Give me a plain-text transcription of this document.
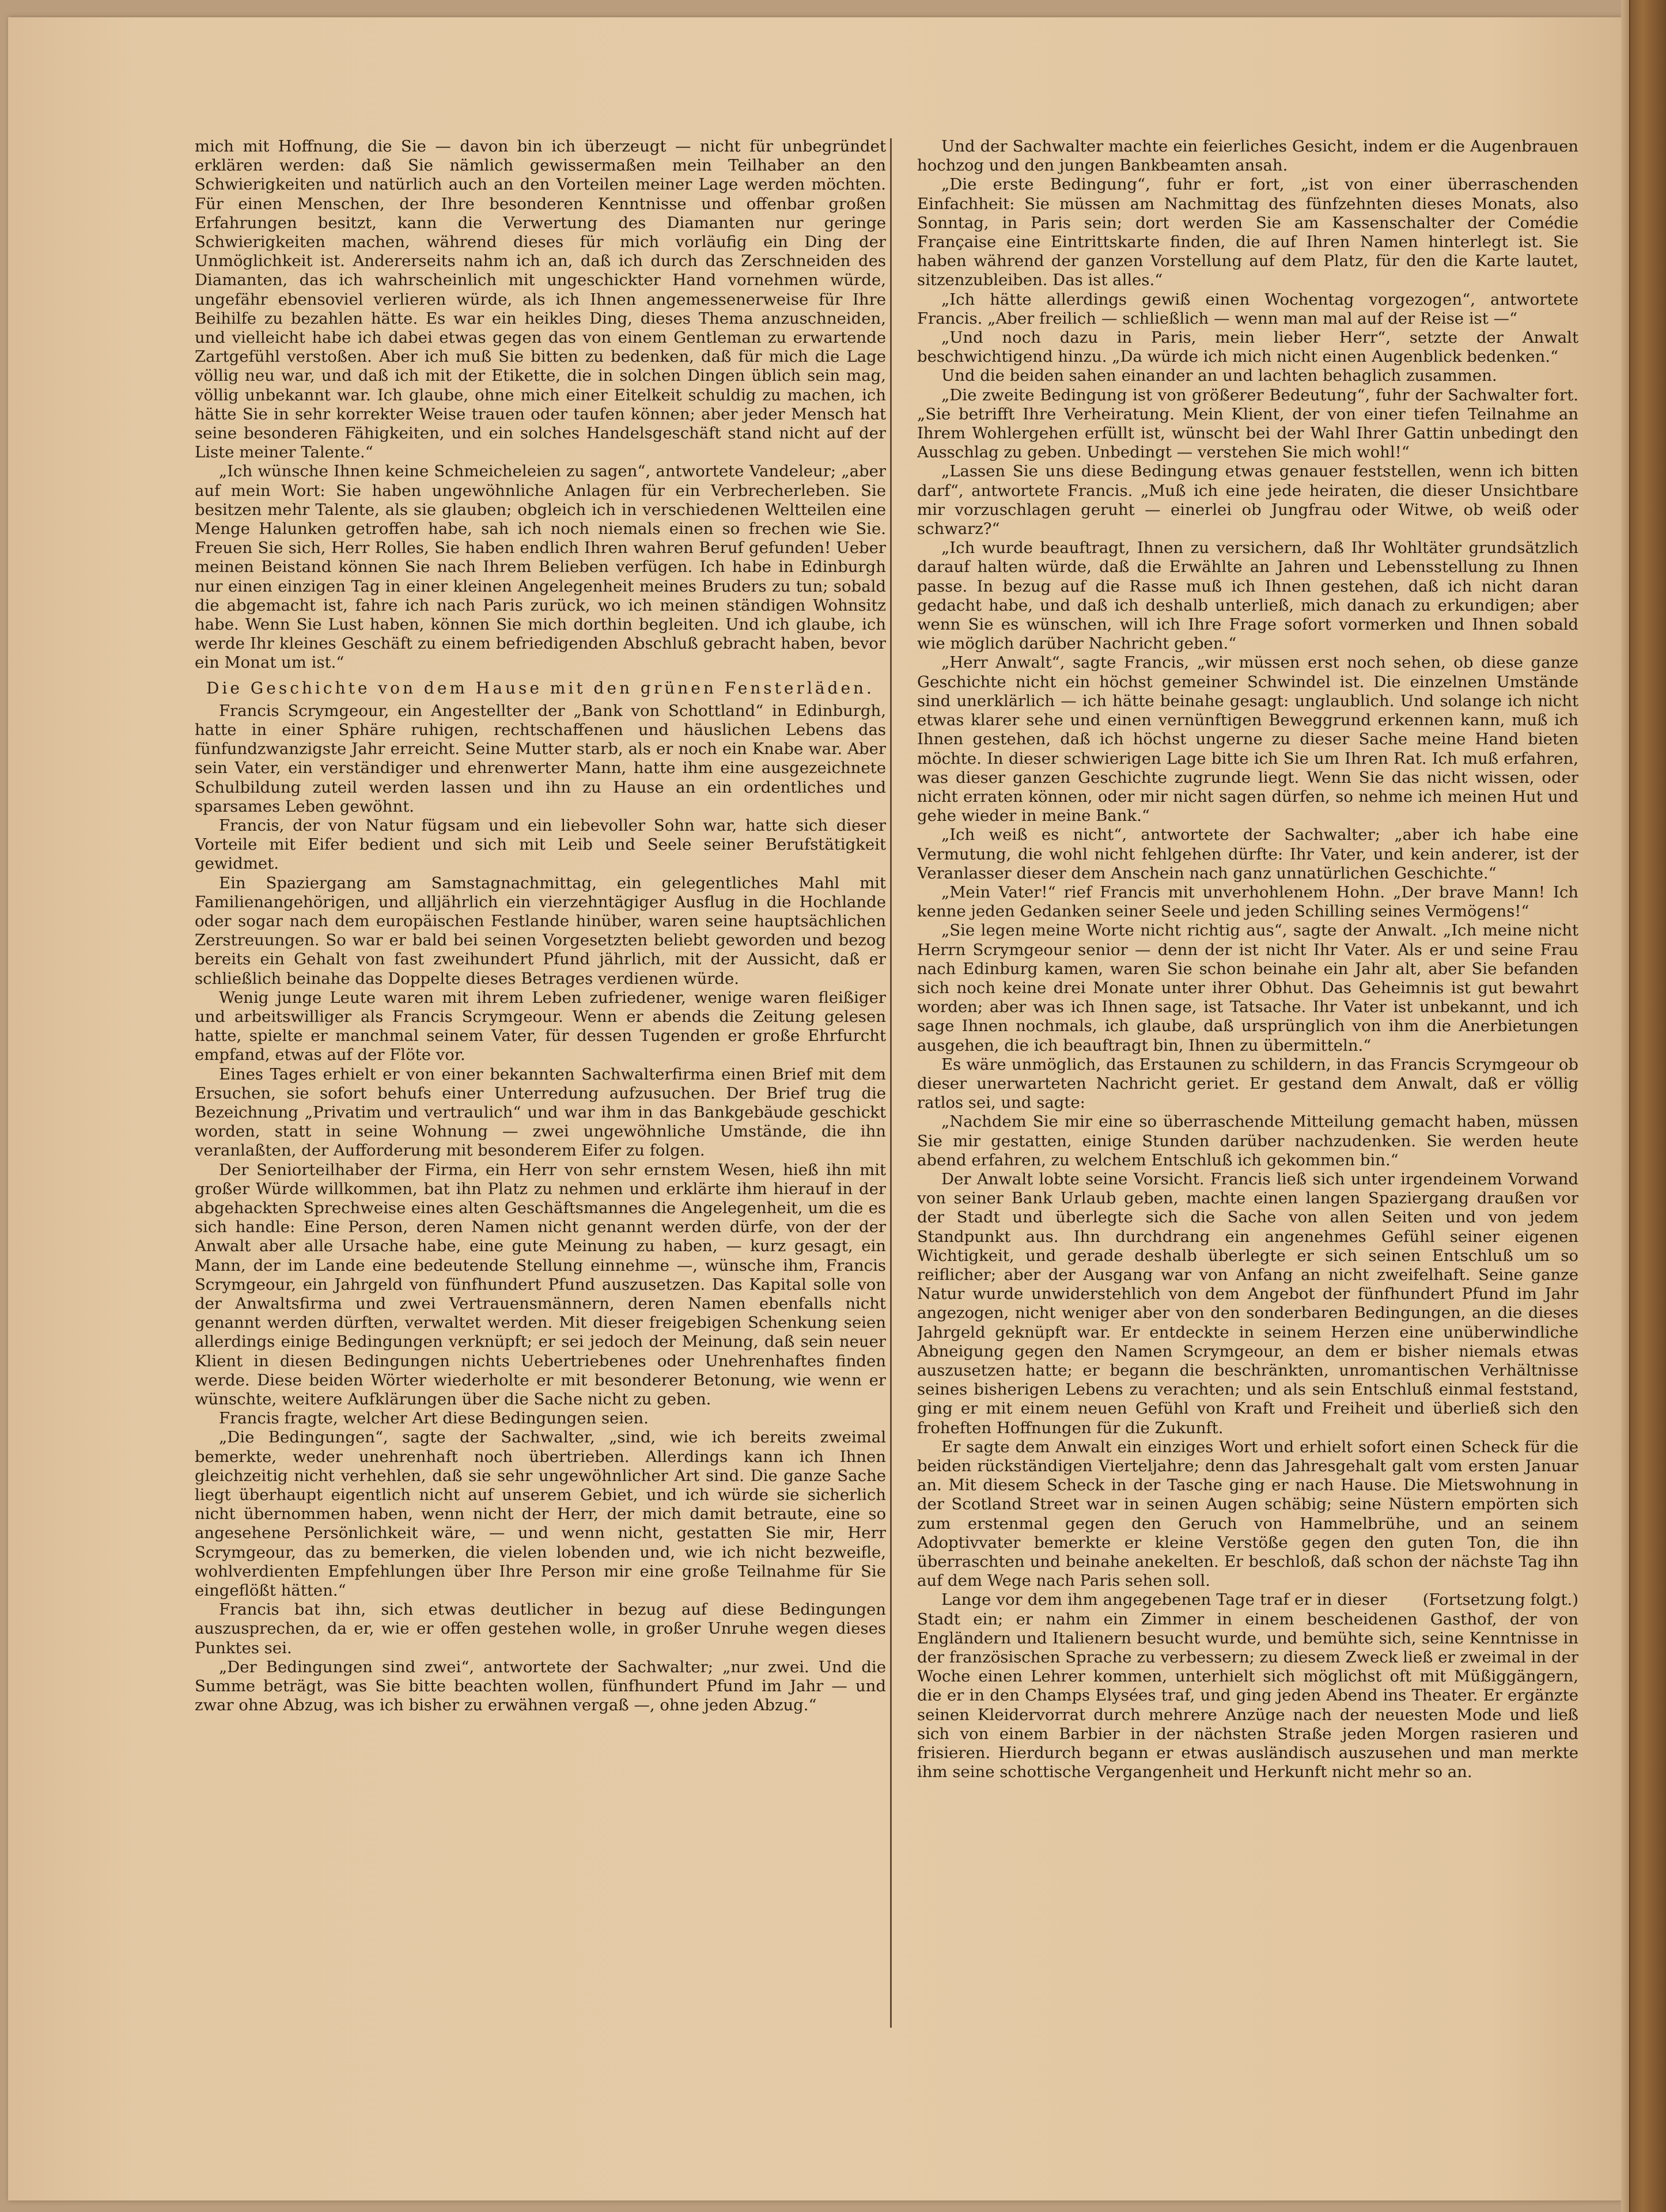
mich mit Hoffnung, die Sie — davon bin ich überzeugt — nicht für unbegründet erklären werden: daß Sie nämlich gewissermaßen mein Teilhaber an den Schwierigkeiten und natürlich auch an den Vorteilen meiner Lage werden möchten. Für einen Menschen, der Ihre besonderen Kenntnisse und offenbar großen Erfahrungen besitzt, kann die Verwertung des Diamanten nur geringe Schwierigkeiten machen, während dieses für mich vorläufig ein Ding der Unmöglichkeit ist. Andererseits nahm ich an, daß ich durch das Zerschneiden des Diamanten, das ich wahrscheinlich mit ungeschickter Hand vornehmen würde, ungefähr ebensoviel verlieren würde, als ich Ihnen angemessenerweise für Ihre Beihilfe zu bezahlen hätte. Es war ein heikles Ding, dieses Thema anzuschneiden, und vielleicht habe ich dabei etwas gegen das von einem Gentleman zu erwartende Zartgefühl verstoßen. Aber ich muß Sie bitten zu bedenken, daß für mich die Lage völlig neu war, und daß ich mit der Etikette, die in solchen Dingen üblich sein mag, völlig unbekannt war. Ich glaube, ohne mich einer Eitelkeit schuldig zu machen, ich hätte Sie in sehr korrekter Weise trauen oder taufen können; aber jeder Mensch hat seine besonderen Fähigkeiten, und ein solches Handelsgeschäft stand nicht auf der Liste meiner Talente.“

„Ich wünsche Ihnen keine Schmeicheleien zu sagen“, antwortete Vandeleur; „aber auf mein Wort: Sie haben ungewöhnliche Anlagen für ein Verbrecherleben. Sie besitzen mehr Talente, als sie glauben; obgleich ich in verschiedenen Weltteilen eine Menge Halunken getroffen habe, sah ich noch niemals einen so frechen wie Sie. Freuen Sie sich, Herr Rolles, Sie haben endlich Ihren wahren Beruf gefunden! Ueber meinen Beistand können Sie nach Ihrem Belieben verfügen. Ich habe in Edinburgh nur einen einzigen Tag in einer kleinen Angelegenheit meines Bruders zu tun; sobald die abgemacht ist, fahre ich nach Paris zurück, wo ich meinen ständigen Wohnsitz habe. Wenn Sie Lust haben, können Sie mich dorthin begleiten. Und ich glaube, ich werde Ihr kleines Geschäft zu einem befriedigenden Abschluß gebracht haben, bevor ein Monat um ist.“

Die Geschichte von dem Hause mit den grünen Fensterläden.

Francis Scrymgeour, ein Angestellter der „Bank von Schottland“ in Edinburgh, hatte in einer Sphäre ruhigen, rechtschaffenen und häuslichen Lebens das fünfundzwanzigste Jahr erreicht. Seine Mutter starb, als er noch ein Knabe war. Aber sein Vater, ein verständiger und ehrenwerter Mann, hatte ihm eine ausgezeichnete Schulbildung zuteil werden lassen und ihn zu Hause an ein ordentliches und sparsames Leben gewöhnt.

Francis, der von Natur fügsam und ein liebevoller Sohn war, hatte sich dieser Vorteile mit Eifer bedient und sich mit Leib und Seele seiner Berufstätigkeit gewidmet.

Ein Spaziergang am Samstagnachmittag, ein gelegentliches Mahl mit Familienangehörigen, und alljährlich ein vierzehntägiger Ausflug in die Hochlande oder sogar nach dem europäischen Festlande hinüber, waren seine hauptsächlichen Zerstreuungen. So war er bald bei seinen Vorgesetzten beliebt geworden und bezog bereits ein Gehalt von fast zweihundert Pfund jährlich, mit der Aussicht, daß er schließlich beinahe das Doppelte dieses Betrages verdienen würde.

Wenig junge Leute waren mit ihrem Leben zufriedener, wenige waren fleißiger und arbeitswilliger als Francis Scrymgeour. Wenn er abends die Zeitung gelesen hatte, spielte er manchmal seinem Vater, für dessen Tugenden er große Ehrfurcht empfand, etwas auf der Flöte vor.

Eines Tages erhielt er von einer bekannten Sachwalterfirma einen Brief mit dem Ersuchen, sie sofort behufs einer Unterredung aufzusuchen. Der Brief trug die Bezeichnung „Privatim und vertraulich“ und war ihm in das Bankgebäude geschickt worden, statt in seine Wohnung — zwei ungewöhnliche Umstände, die ihn veranlaßten, der Aufforderung mit besonderem Eifer zu folgen.

Der Seniorteilhaber der Firma, ein Herr von sehr ernstem Wesen, hieß ihn mit großer Würde willkommen, bat ihn Platz zu nehmen und erklärte ihm hierauf in der abgehackten Sprechweise eines alten Geschäftsmannes die Angelegenheit, um die es sich handle: Eine Person, deren Namen nicht genannt werden dürfe, von der der Anwalt aber alle Ursache habe, eine gute Meinung zu haben, — kurz gesagt, ein Mann, der im Lande eine bedeutende Stellung einnehme —, wünsche ihm, Francis Scrymgeour, ein Jahrgeld von fünfhundert Pfund auszusetzen. Das Kapital solle von der Anwaltsfirma und zwei Vertrauensmännern, deren Namen ebenfalls nicht genannt werden dürften, verwaltet werden. Mit dieser freigebigen Schenkung seien allerdings einige Bedingungen verknüpft; er sei jedoch der Meinung, daß sein neuer Klient in diesen Bedingungen nichts Uebertriebenes oder Unehrenhaftes finden werde. Diese beiden Wörter wiederholte er mit besonderer Betonung, wie wenn er wünschte, weitere Aufklärungen über die Sache nicht zu geben.

Francis fragte, welcher Art diese Bedingungen seien.

„Die Bedingungen“, sagte der Sachwalter, „sind, wie ich bereits zweimal bemerkte, weder unehrenhaft noch übertrieben. Allerdings kann ich Ihnen gleichzeitig nicht verhehlen, daß sie sehr ungewöhnlicher Art sind. Die ganze Sache liegt überhaupt eigentlich nicht auf unserem Gebiet, und ich würde sie sicherlich nicht übernommen haben, wenn nicht der Herr, der mich damit betraute, eine so angesehene Persönlichkeit wäre, — und wenn nicht, gestatten Sie mir, Herr Scrymgeour, das zu bemerken, die vielen lobenden und, wie ich nicht bezweifle, wohlverdienten Empfehlungen über Ihre Person mir eine große Teilnahme für Sie eingeflößt hätten.“

Francis bat ihn, sich etwas deutlicher in bezug auf diese Bedingungen auszusprechen, da er, wie er offen gestehen wolle, in großer Unruhe wegen dieses Punktes sei.

„Der Bedingungen sind zwei“, antwortete der Sachwalter; „nur zwei. Und die Summe beträgt, was Sie bitte beachten wollen, fünfhundert Pfund im Jahr — und zwar ohne Abzug, was ich bisher zu erwähnen vergaß —, ohne jeden Abzug.“

Und der Sachwalter machte ein feierliches Gesicht, indem er die Augenbrauen hochzog und den jungen Bankbeamten ansah.

„Die erste Bedingung“, fuhr er fort, „ist von einer überraschenden Einfachheit: Sie müssen am Nachmittag des fünfzehnten dieses Monats, also Sonntag, in Paris sein; dort werden Sie am Kassenschalter der Comédie Française eine Eintrittskarte finden, die auf Ihren Namen hinterlegt ist. Sie haben während der ganzen Vorstellung auf dem Platz, für den die Karte lautet, sitzenzubleiben. Das ist alles.“

„Ich hätte allerdings gewiß einen Wochentag vorgezogen“, antwortete Francis. „Aber freilich — schließlich — wenn man mal auf der Reise ist —“

„Und noch dazu in Paris, mein lieber Herr“, setzte der Anwalt beschwichtigend hinzu. „Da würde ich mich nicht einen Augenblick bedenken.“

Und die beiden sahen einander an und lachten behaglich zusammen.

„Die zweite Bedingung ist von größerer Bedeutung“, fuhr der Sachwalter fort. „Sie betrifft Ihre Verheiratung. Mein Klient, der von einer tiefen Teilnahme an Ihrem Wohlergehen erfüllt ist, wünscht bei der Wahl Ihrer Gattin unbedingt den Ausschlag zu geben. Unbedingt — verstehen Sie mich wohl!“

„Lassen Sie uns diese Bedingung etwas genauer feststellen, wenn ich bitten darf“, antwortete Francis. „Muß ich eine jede heiraten, die dieser Unsichtbare mir vorzuschlagen geruht — einerlei ob Jungfrau oder Witwe, ob weiß oder schwarz?“

„Ich wurde beauftragt, Ihnen zu versichern, daß Ihr Wohltäter grundsätzlich darauf halten würde, daß die Erwählte an Jahren und Lebensstellung zu Ihnen passe. In bezug auf die Rasse muß ich Ihnen gestehen, daß ich nicht daran gedacht habe, und daß ich deshalb unterließ, mich danach zu erkundigen; aber wenn Sie es wünschen, will ich Ihre Frage sofort vormerken und Ihnen sobald wie möglich darüber Nachricht geben.“

„Herr Anwalt“, sagte Francis, „wir müssen erst noch sehen, ob diese ganze Geschichte nicht ein höchst gemeiner Schwindel ist. Die einzelnen Umstände sind unerklärlich — ich hätte beinahe gesagt: unglaublich. Und solange ich nicht etwas klarer sehe und einen vernünftigen Beweggrund erkennen kann, muß ich Ihnen gestehen, daß ich höchst ungerne zu dieser Sache meine Hand bieten möchte. In dieser schwierigen Lage bitte ich Sie um Ihren Rat. Ich muß erfahren, was dieser ganzen Geschichte zugrunde liegt. Wenn Sie das nicht wissen, oder nicht erraten können, oder mir nicht sagen dürfen, so nehme ich meinen Hut und gehe wieder in meine Bank.“

„Ich weiß es nicht“, antwortete der Sachwalter; „aber ich habe eine Vermutung, die wohl nicht fehlgehen dürfte: Ihr Vater, und kein anderer, ist der Veranlasser dieser dem Anschein nach ganz unnatürlichen Geschichte.“

„Mein Vater!“ rief Francis mit unverhohlenem Hohn. „Der brave Mann! Ich kenne jeden Gedanken seiner Seele und jeden Schilling seines Vermögens!“

„Sie legen meine Worte nicht richtig aus“, sagte der Anwalt. „Ich meine nicht Herrn Scrymgeour senior — denn der ist nicht Ihr Vater. Als er und seine Frau nach Edinburg kamen, waren Sie schon beinahe ein Jahr alt, aber Sie befanden sich noch keine drei Monate unter ihrer Obhut. Das Geheimnis ist gut bewahrt worden; aber was ich Ihnen sage, ist Tatsache. Ihr Vater ist unbekannt, und ich sage Ihnen nochmals, ich glaube, daß ursprünglich von ihm die Anerbietungen ausgehen, die ich beauftragt bin, Ihnen zu übermitteln.“

Es wäre unmöglich, das Erstaunen zu schildern, in das Francis Scrymgeour ob dieser unerwarteten Nachricht geriet. Er gestand dem Anwalt, daß er völlig ratlos sei, und sagte:

„Nachdem Sie mir eine so überraschende Mitteilung gemacht haben, müssen Sie mir gestatten, einige Stunden darüber nachzudenken. Sie werden heute abend erfahren, zu welchem Entschluß ich gekommen bin.“

Der Anwalt lobte seine Vorsicht. Francis ließ sich unter irgendeinem Vorwand von seiner Bank Urlaub geben, machte einen langen Spaziergang draußen vor der Stadt und überlegte sich die Sache von allen Seiten und von jedem Standpunkt aus. Ihn durchdrang ein angenehmes Gefühl seiner eigenen Wichtigkeit, und gerade deshalb überlegte er sich seinen Entschluß um so reiflicher; aber der Ausgang war von Anfang an nicht zweifelhaft. Seine ganze Natur wurde unwiderstehlich von dem Angebot der fünfhundert Pfund im Jahr angezogen, nicht weniger aber von den sonderbaren Bedingungen, an die dieses Jahrgeld geknüpft war. Er entdeckte in seinem Herzen eine unüberwindliche Abneigung gegen den Namen Scrymgeour, an dem er bisher niemals etwas auszusetzen hatte; er begann die beschränkten, unromantischen Verhältnisse seines bisherigen Lebens zu verachten; und als sein Entschluß einmal feststand, ging er mit einem neuen Gefühl von Kraft und Freiheit und überließ sich den froheften Hoffnungen für die Zukunft.

Er sagte dem Anwalt ein einziges Wort und erhielt sofort einen Scheck für die beiden rückständigen Vierteljahre; denn das Jahresgehalt galt vom ersten Januar an. Mit diesem Scheck in der Tasche ging er nach Hause. Die Mietswohnung in der Scotland Street war in seinen Augen schäbig; seine Nüstern empörten sich zum erstenmal gegen den Geruch von Hammelbrühe, und an seinem Adoptivvater bemerkte er kleine Verstöße gegen den guten Ton, die ihn überraschten und beinahe anekelten. Er beschloß, daß schon der nächste Tag ihn auf dem Wege nach Paris sehen soll.

(Fortsetzung folgt.)
Lange vor dem ihm angegebenen Tage traf er in dieser Stadt ein; er nahm ein Zimmer in einem bescheidenen Gasthof, der von Engländern und Italienern besucht wurde, und bemühte sich, seine Kenntnisse in der französischen Sprache zu verbessern; zu diesem Zweck ließ er zweimal in der Woche einen Lehrer kommen, unterhielt sich möglichst oft mit Müßiggängern, die er in den Champs Elysées traf, und ging jeden Abend ins Theater. Er ergänzte seinen Kleidervorrat durch mehrere Anzüge nach der neuesten Mode und ließ sich von einem Barbier in der nächsten Straße jeden Morgen rasieren und frisieren. Hierdurch begann er etwas ausländisch auszusehen und man merkte ihm seine schottische Vergangenheit und Herkunft nicht mehr so an.
